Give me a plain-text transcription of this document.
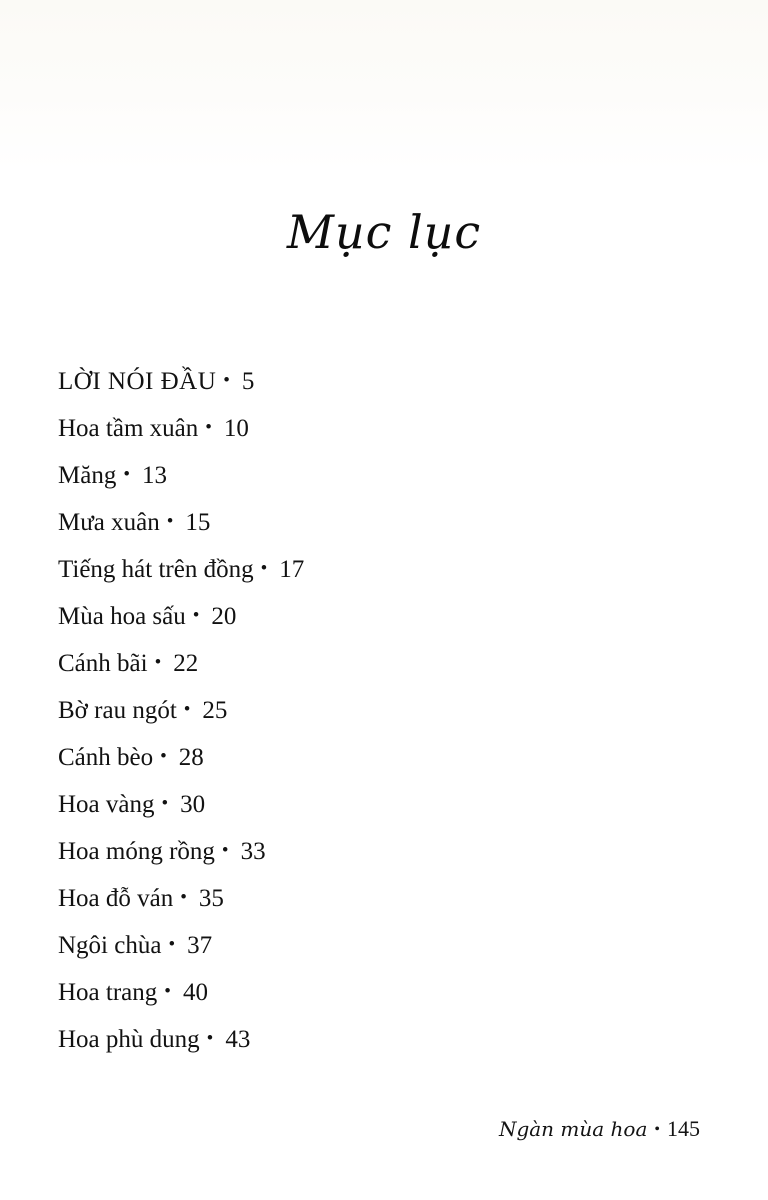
Mục lục
LỜI NÓI ĐẦU • 5
Hoa tầm xuân • 10
Măng • 13
Mưa xuân • 15
Tiếng hát trên đồng • 17
Mùa hoa sấu • 20
Cánh bãi • 22
Bờ rau ngót • 25
Cánh bèo • 28
Hoa vàng • 30
Hoa móng rồng • 33
Hoa đỗ ván • 35
Ngôi chùa • 37
Hoa trang • 40
Hoa phù dung • 43
Ngàn mùa hoa • 145
